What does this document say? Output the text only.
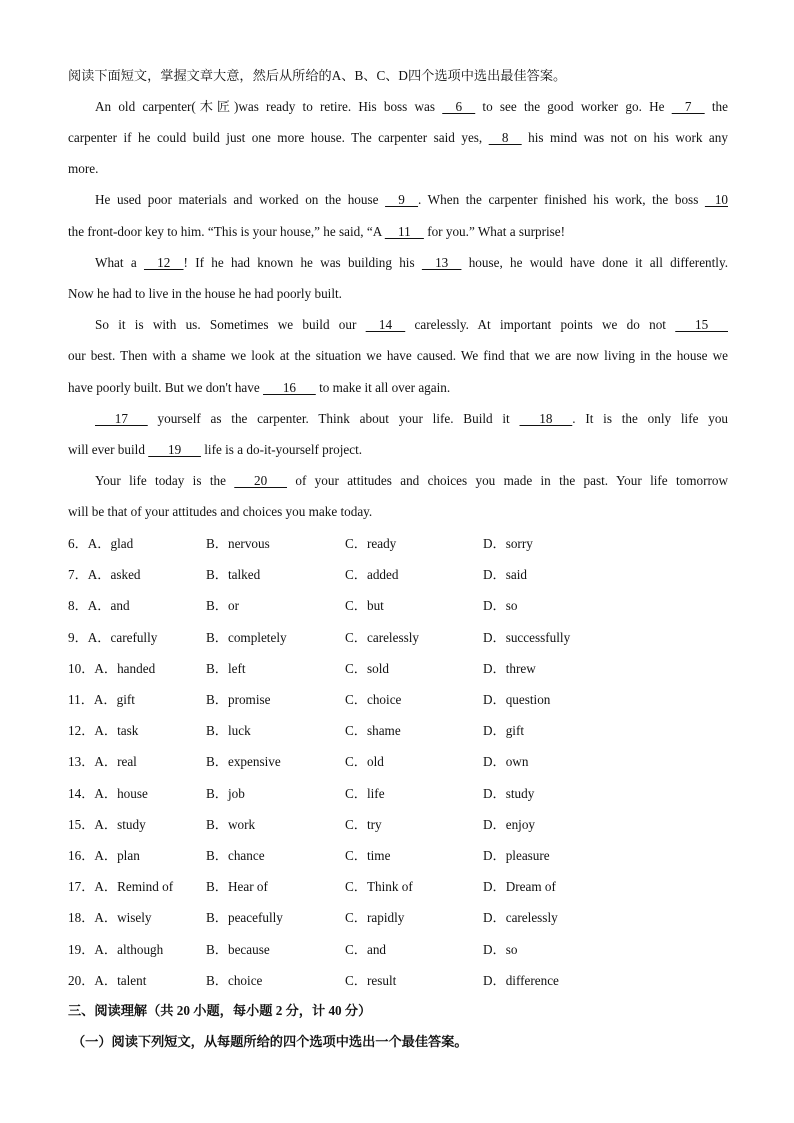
阅读下面短文，掌握文章大意，然后从所给的A、B、C、D四个选项中选出最佳答案。
An old carpenter(木匠)was ready to retire. His boss was     6     to see the good worker go. He     7     the
carpenter if he could build just one more house. The carpenter said yes,     8     his mind was not on his work any
more.
He used poor materials and worked on the house     9    . When the carpenter finished his work, the boss    10
the front-door key to him. “This is your house,” he said, “A     11     for you.” What a surprise!
What a     12    ! If he had known he was building his     13     house, he would have done it all differently.
Now he had to live in the house he had poorly built.
So it is with us. Sometimes we build our     14     carelessly. At important points we do not       15
our best. Then with a shame we look at the situation we have caused. We find that we are now living in the house we
have poorly built. But we don't have       16       to make it all over again.
17       yourself as the carpenter. Think about your life. Build it       18      . It is the only life you
will ever build       19       life is a do-it-yourself project.
Your life today is the       20       of your attitudes and choices you made in the past. Your life tomorrow
will be that of your attitudes and choices you make today.
6．A．glad	B．nervous	C．ready	D．sorry
7．A．asked	B．talked	C．added	D．said
8．A．and	B．or	C．but	D．so
9．A．carefully	B．completely	C．carelessly	D．successfully
10．A．handed	B．left	C．sold	D．threw
11．A．gift	B．promise	C．choice	D．question
12．A．task	B．luck	C．shame	D．gift
13．A．real	B．expensive	C．old	D．own
14．A．house	B．job	C．life	D．study
15．A．study	B．work	C．try	D．enjoy
16．A．plan	B．chance	C．time	D．pleasure
17．A．Remind of B．Hear of	C．Think of	D．Dream of
18．A．wisely	B．peacefully	C．rapidly	D．carelessly
19．A．although	B．because	C．and	D．so
20．A．talent	B．choice	C．result	D．difference
三、阅读理解（共 20 小题，每小题 2 分，计 40 分）
（一）阅读下列短文，从每题所给的四个选项中选出一个最佳答案。
